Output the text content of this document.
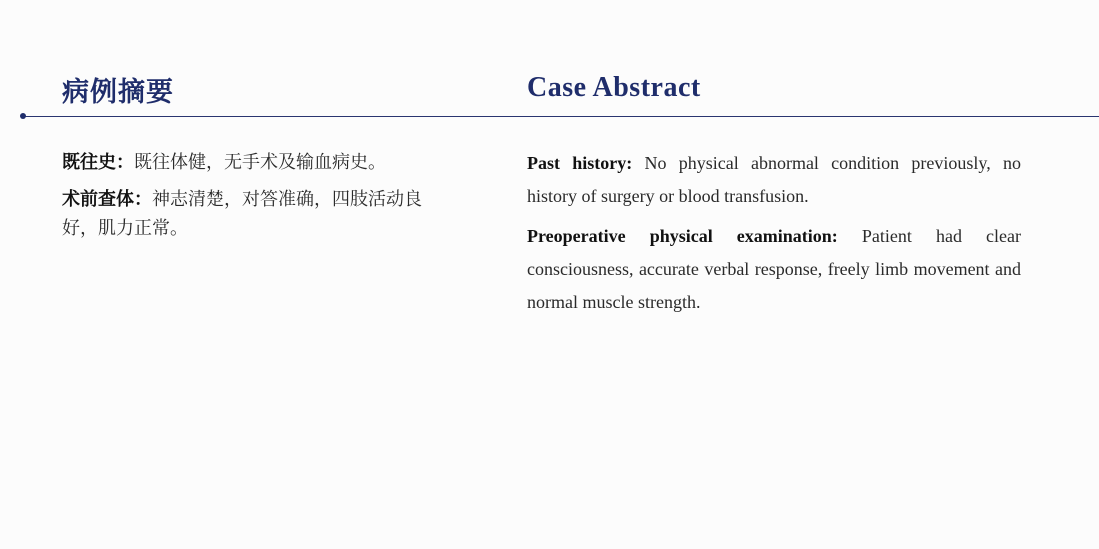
病例摘要	Case Abstract

既往史：既往体健，无手术及输血病史。

术前查体：神志清楚，对答准确，四肢活动良好，肌力正常。

Past history: No physical abnormal condition previously, no history of surgery or blood transfusion.

Preoperative physical examination: Patient had clear consciousness, accurate verbal response, freely limb movement and normal muscle strength.
